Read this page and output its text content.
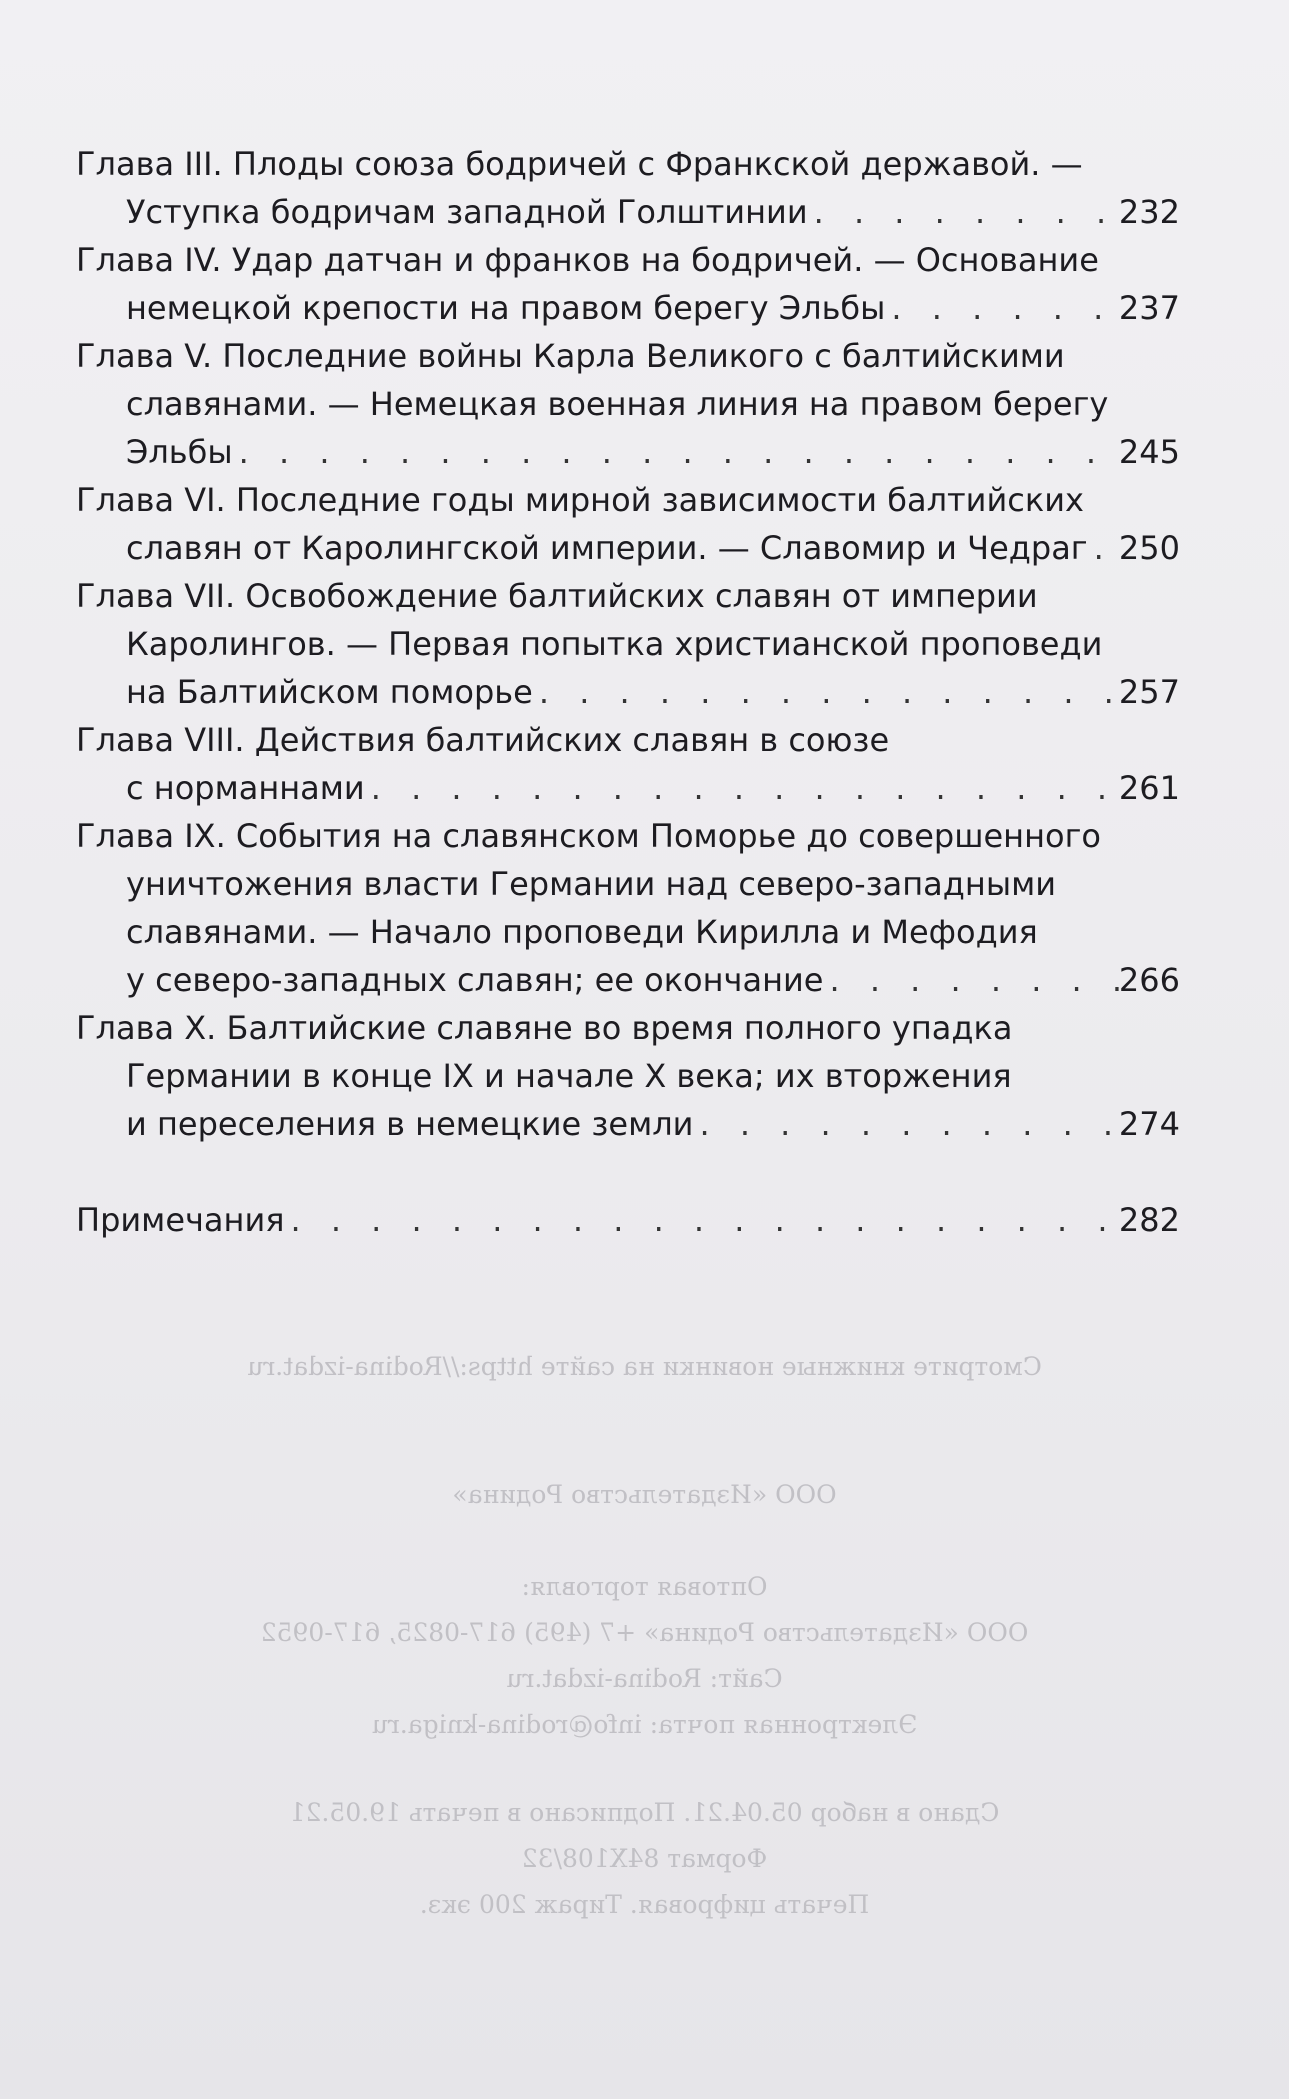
Глава III. Плоды союза бодричей с Франкской державой. —
Уступка бодричам западной Голштинии . . .	232
Глава IV. Удар датчан и франков на бодричей. — Основание
немецкой крепости на правом берегу Эльбы . . .	237
Глава V. Последние войны Карла Великого с балтийскими
славянами. — Немецкая военная линия на правом берегу
Эльбы . . .	245
Глава VI. Последние годы мирной зависимости балтийских
славян от Каролингской империи. — Славомир и Чедраг . . . 250
Глава VII. Освобождение балтийских славян от империи
Каролингов. — Первая попытка христианской проповеди
на Балтийском поморье . . .	257
Глава VIII. Действия балтийских славян в союзе
с норманнами . . .	261
Глава IX. События на славянском Поморье до совершенного
уничтожения власти Германии над северо-западными
славянами. — Начало проповеди Кирилла и Мефодия
у северо-западных славян; ее окончание . . .	266
Глава X. Балтийские славяне во время полного упадка
Германии в конце IX и начале X века; их вторжения
и переселения в немецкие земли . . .	274
Примечания . . .	282
Смотрите книжные новинки на сайте https://Rodina-izdat.ru
ООО «Издательство Родина»
Оптовая торговля:
ООО «Издательство Родина» +7 (495) 617-0825, 617-0952
Сайт: Rodina-izdat.ru
Электронная почта: info@rodina-kniga.ru
Сдано в набор 05.04.21. Подписано в печать 19.05.21
Формат 84Х108/32
Печать цифровая. Тираж 200 экз.
